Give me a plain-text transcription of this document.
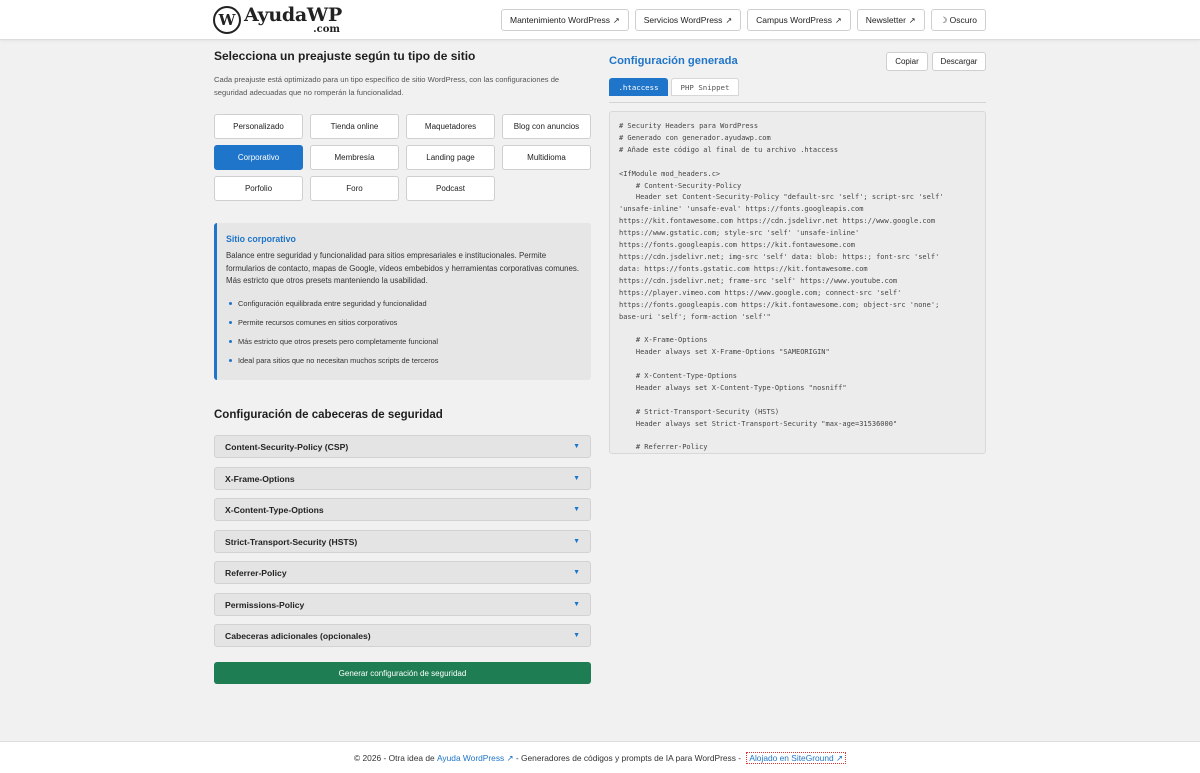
W AyudaWP
.com
Mantenimiento WordPress ↗	Servicios WordPress ↗	Campus WordPress ↗	Newsletter ↗	☽ Oscuro
Selecciona un preajuste según tu tipo de sitio
Cada preajuste está optimizado para un tipo específico de sitio WordPress, con las configuraciones de seguridad adecuadas que no romperán la funcionalidad.
Personalizado	Tienda online	Maquetadores	Blog con anuncios
Corporativo	Membresía	Landing page	Multidioma
Porfolio	Foro	Podcast
Sitio corporativo
Balance entre seguridad y funcionalidad para sitios empresariales e institucionales. Permite formularios de contacto, mapas de Google, vídeos embebidos y herramientas corporativas comunes. Más estricto que otros presets manteniendo la usabilidad.
Configuración equilibrada entre seguridad y funcionalidad
Permite recursos comunes en sitios corporativos
Más estricto que otros presets pero completamente funcional
Ideal para sitios que no necesitan muchos scripts de terceros
Configuración de cabeceras de seguridad
Content-Security-Policy (CSP)	▼
X-Frame-Options	▼
X-Content-Type-Options	▼
Strict-Transport-Security (HSTS)	▼
Referrer-Policy	▼
Permissions-Policy	▼
Cabeceras adicionales (opcionales)	▼
Generar configuración de seguridad
Configuración generada	Copiar	Descargar
.htaccess	PHP Snippet
# Security Headers para WordPress
# Generado con generador.ayudawp.com
# Añade este código al final de tu archivo .htaccess

<IfModule mod_headers.c>
# Content-Security-Policy
Header set Content-Security-Policy "default-src 'self'; script-src 'self'
'unsafe-inline' 'unsafe-eval' https://fonts.googleapis.com
https://kit.fontawesome.com https://cdn.jsdelivr.net https://www.google.com
https://www.gstatic.com; style-src 'self' 'unsafe-inline'
https://fonts.googleapis.com https://kit.fontawesome.com
https://cdn.jsdelivr.net; img-src 'self' data: blob: https:; font-src 'self'
data: https://fonts.gstatic.com https://kit.fontawesome.com
https://cdn.jsdelivr.net; frame-src 'self' https://www.youtube.com
https://player.vimeo.com https://www.google.com; connect-src 'self'
https://fonts.googleapis.com https://kit.fontawesome.com; object-src 'none';
base-uri 'self'; form-action 'self'"

# X-Frame-Options
Header always set X-Frame-Options "SAMEORIGIN"

# X-Content-Type-Options
Header always set X-Content-Type-Options "nosniff"

# Strict-Transport-Security (HSTS)
Header always set Strict-Transport-Security "max-age=31536000"

# Referrer-Policy
© 2026 - Otra idea de Ayuda WordPress ↗ - Generadores de códigos y prompts de IA para WordPress - Alojado en SiteGround ↗
